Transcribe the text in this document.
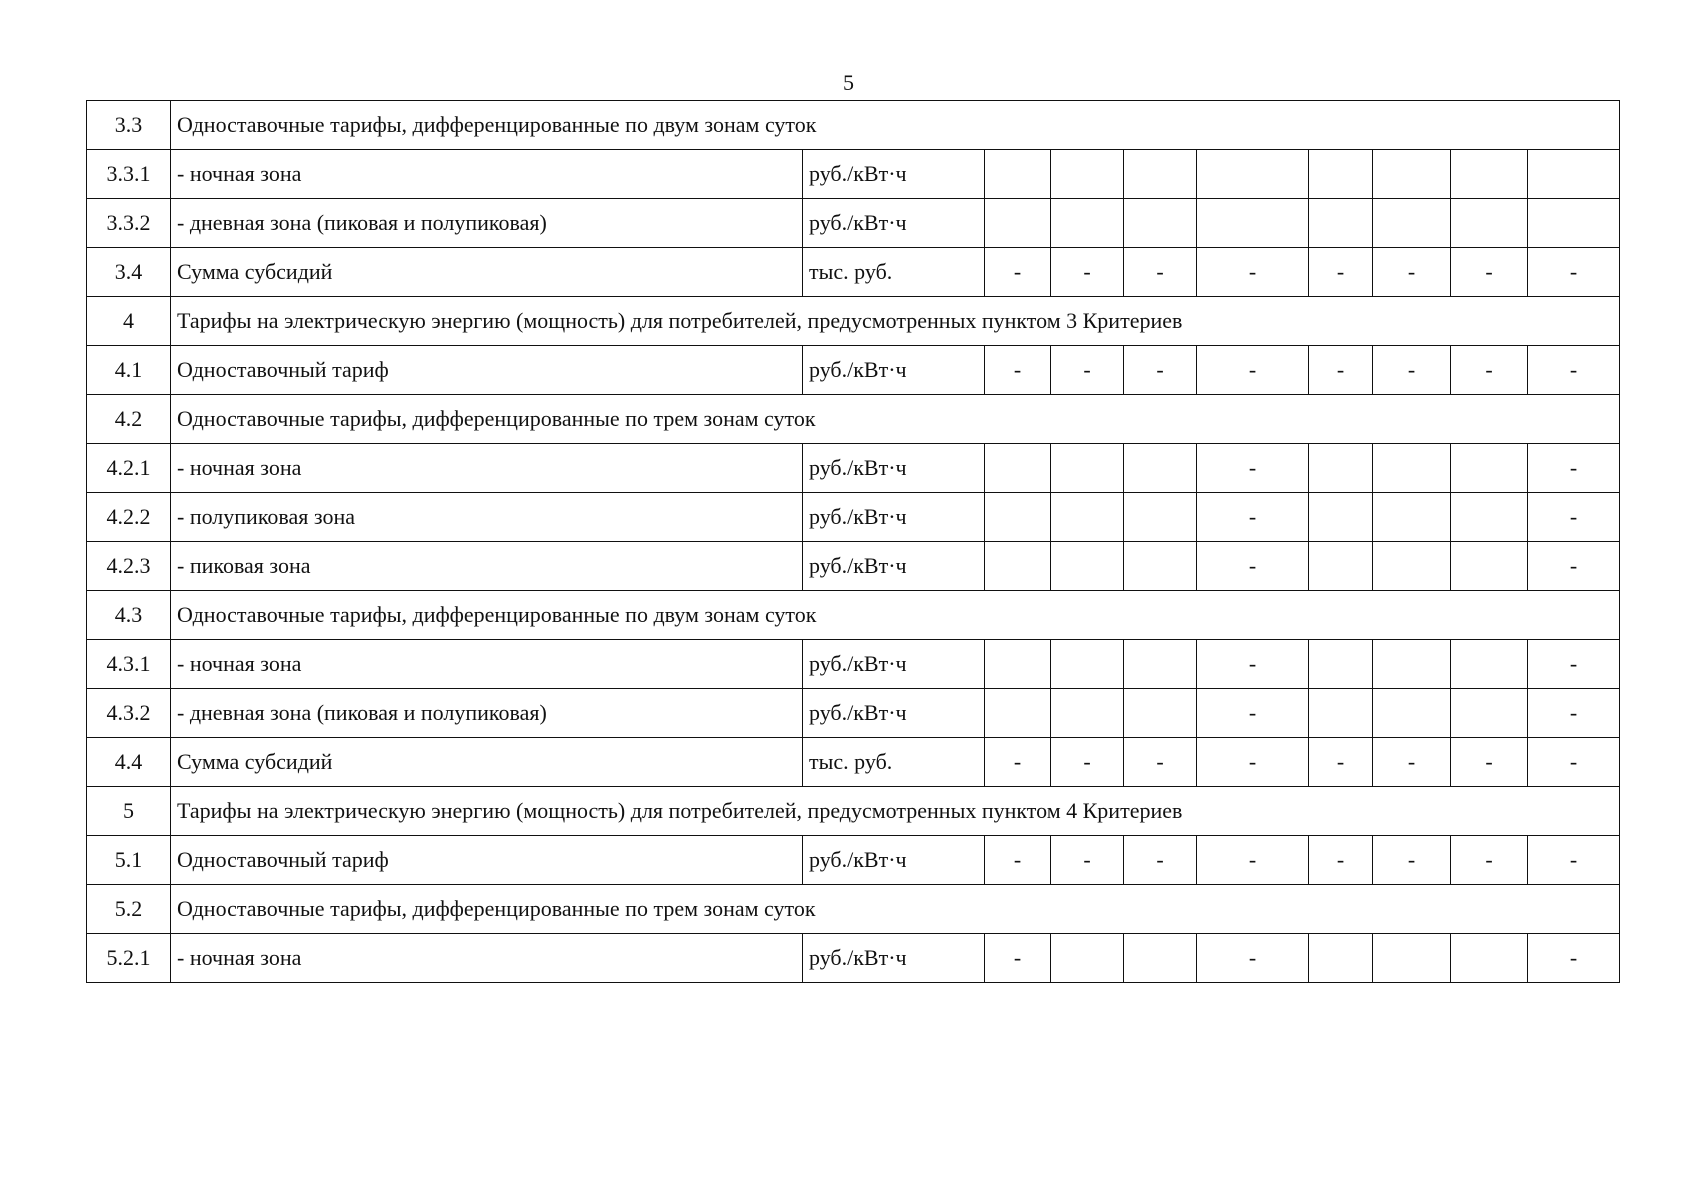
5
3.3	Одноставочные тарифы, дифференцированные по двум зонам суток									
3.3.1	- ночная зона	руб./кВт·ч								
3.3.2	- дневная зона (пиковая и полупиковая)	руб./кВт·ч								
3.4	Сумма субсидий	тыс. руб.	-	-	-	-	-	-	-	-
4	Тарифы на электрическую энергию (мощность) для потребителей, предусмотренных пунктом 3 Критериев									
4.1	Одноставочный тариф	руб./кВт·ч	-	-	-	-	-	-	-	-
4.2	Одноставочные тарифы, дифференцированные по трем зонам суток									
4.2.1	- ночная зона	руб./кВт·ч				-				-
4.2.2	- полупиковая зона	руб./кВт·ч				-				-
4.2.3	- пиковая зона	руб./кВт·ч				-				-
4.3	Одноставочные тарифы, дифференцированные по двум зонам суток									
4.3.1	- ночная зона	руб./кВт·ч				-				-
4.3.2	- дневная зона (пиковая и полупиковая)	руб./кВт·ч				-				-
4.4	Сумма субсидий	тыс. руб.	-	-	-	-	-	-	-	-
5	Тарифы на электрическую энергию (мощность) для потребителей, предусмотренных пунктом 4 Критериев									
5.1	Одноставочный тариф	руб./кВт·ч	-	-	-	-	-	-	-	-
5.2	Одноставочные тарифы, дифференцированные по трем зонам суток									
5.2.1	- ночная зона	руб./кВт·ч	-			-				-
